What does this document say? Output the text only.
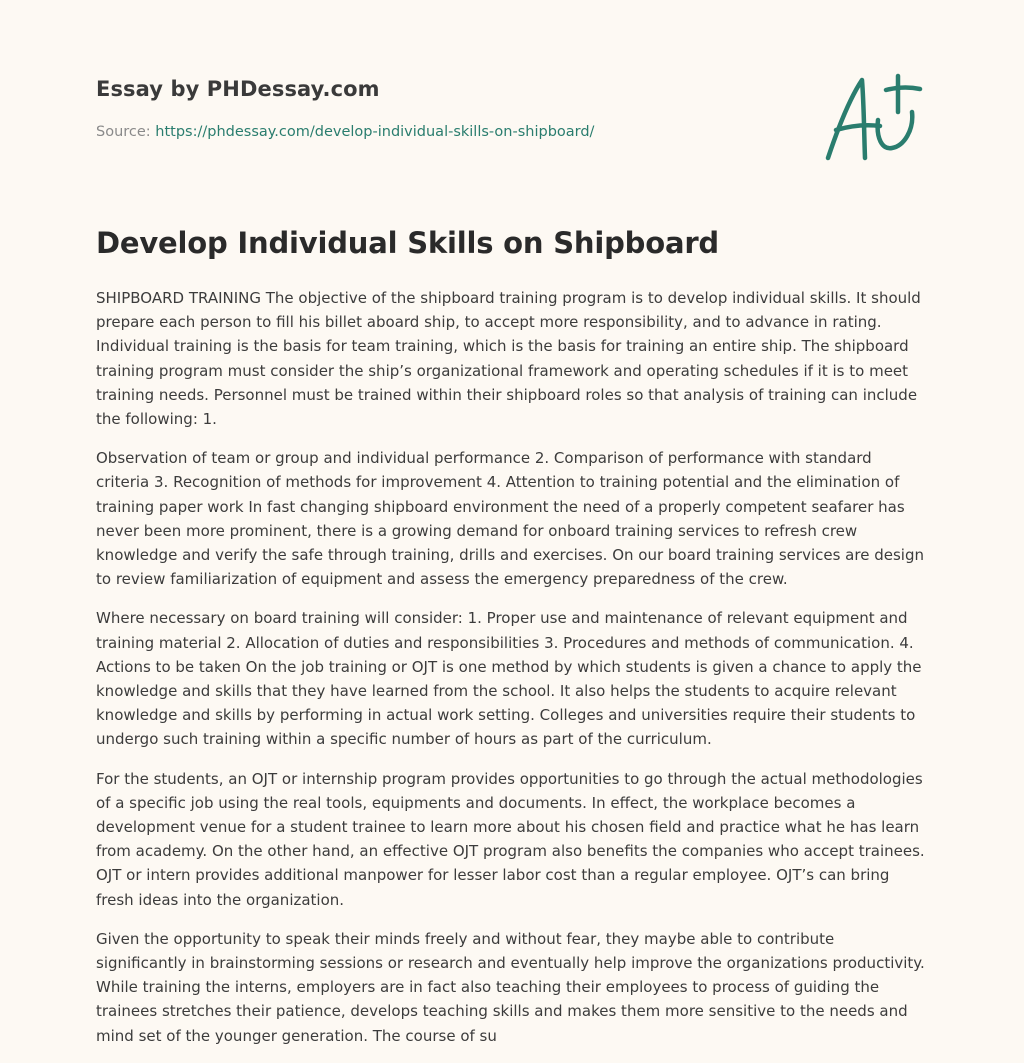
Essay by PHDessay.com
Source: https://phdessay.com/develop-individual-skills-on-shipboard/
Develop Individual Skills on Shipboard

SHIPBOARD TRAINING The objective of the shipboard training program is to develop individual skills. It should prepare each person to fill his billet aboard ship, to accept more responsibility, and to advance in rating. Individual training is the basis for team training, which is the basis for training an entire ship. The shipboard training program must consider the ship’s organizational framework and operating schedules if it is to meet training needs. Personnel must be trained within their shipboard roles so that analysis of training can include the following: 1.

Observation of team or group and individual performance 2. Comparison of performance with standard criteria 3. Recognition of methods for improvement 4. Attention to training potential and the elimination of training paper work In fast changing shipboard environment the need of a properly competent seafarer has never been more prominent, there is a growing demand for onboard training services to refresh crew knowledge and verify the safe through training, drills and exercises. On our board training services are design to review familiarization of equipment and assess the emergency preparedness of the crew.

Where necessary on board training will consider: 1. Proper use and maintenance of relevant equipment and training material 2. Allocation of duties and responsibilities 3. Procedures and methods of communication. 4. Actions to be taken On the job training or OJT is one method by which students is given a chance to apply the knowledge and skills that they have learned from the school. It also helps the students to acquire relevant knowledge and skills by performing in actual work setting. Colleges and universities require their students to undergo such training within a specific number of hours as part of the curriculum.

For the students, an OJT or internship program provides opportunities to go through the actual methodologies of a specific job using the real tools, equipments and documents. In effect, the workplace becomes a development venue for a student trainee to learn more about his chosen field and practice what he has learn from academy. On the other hand, an effective OJT program also benefits the companies who accept trainees. OJT or intern provides additional manpower for lesser labor cost than a regular employee. OJT’s can bring fresh ideas into the organization.

Given the opportunity to speak their minds freely and without fear, they maybe able to contribute significantly in brainstorming sessions or research and eventually help improve the organizations productivity. While training the interns, employers are in fact also teaching their employees to process of guiding the trainees stretches their patience, develops teaching skills and makes them more sensitive to the needs and mind set of the younger generation. The course of su
